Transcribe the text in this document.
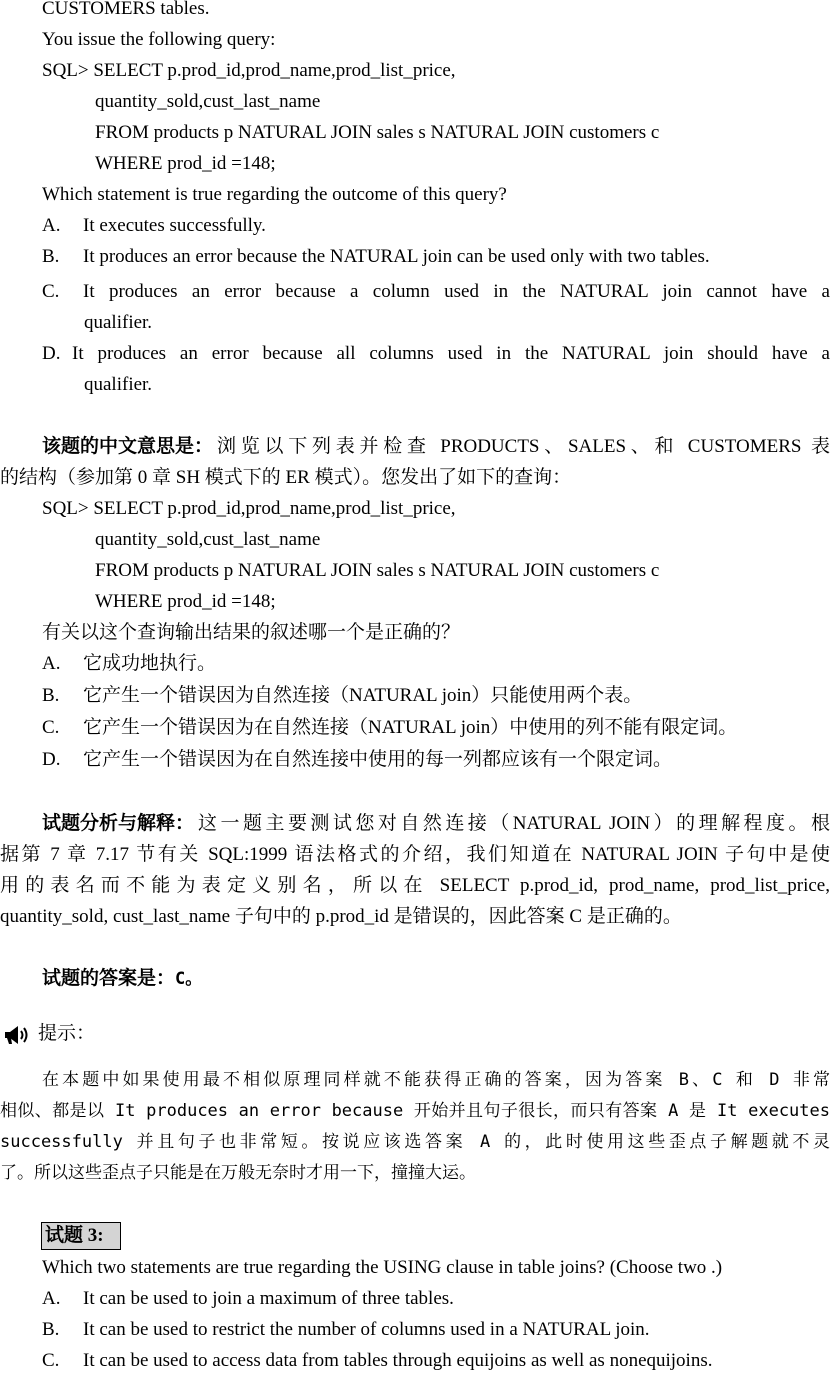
CUSTOMERS tables.
You issue the following query:
SQL> SELECT p.prod_id,prod_name,prod_list_price,
quantity_sold,cust_last_name
FROM products p NATURAL JOIN sales s NATURAL JOIN customers c
WHERE prod_id =148;
Which statement is true regarding the outcome of this query?
A. It executes successfully.
B. It produces an error because the NATURAL join can be used only with two tables.
C. It produces an error because a column used in the NATURAL join cannot have a
qualifier.
D. It produces an error because all columns used in the NATURAL join should have a
qualifier.
该题的中文意思是： 浏览以下列表并检查 PRODUCTS、SALES、和 CUSTOMERS 表
的结构（参加第 0 章 SH 模式下的 ER 模式）。您发出了如下的查询：
SQL> SELECT p.prod_id,prod_name,prod_list_price,
quantity_sold,cust_last_name
FROM products p NATURAL JOIN sales s NATURAL JOIN customers c
WHERE prod_id =148;
有关以这个查询输出结果的叙述哪一个是正确的？
A. 它成功地执行。
B. 它产生一个错误因为自然连接（NATURAL join）只能使用两个表。
C. 它产生一个错误因为在自然连接（NATURAL join）中使用的列不能有限定词。
D. 它产生一个错误因为在自然连接中使用的每一列都应该有一个限定词。
试题分析与解释： 这一题主要测试您对自然连接（NATURAL JOIN）的理解程度。根
据第 7 章 7.17 节有关 SQL:1999 语法格式的介绍，我们知道在 NATURAL JOIN 子句中是使
用的表名而不能为表定义别名，所以在 SELECT p.prod_id, prod_name, prod_list_price,
quantity_sold, cust_last_name 子句中的 p.prod_id 是错误的，因此答案 C 是正确的。
试题的答案是：C。
提示：
在本题中如果使用最不相似原理同样就不能获得正确的答案，因为答案 B、C 和 D 非常
相似、都是以 It produces an error because 开始并且句子很长，而只有答案 A 是 It executes
successfully 并且句子也非常短。按说应该选答案 A 的，此时使用这些歪点子解题就不灵
了。所以这些歪点子只能是在万般无奈时才用一下，撞撞大运。
试题 3:
Which two statements are true regarding the USING clause in table joins? (Choose two .)
A. It can be used to join a maximum of three tables.
B. It can be used to restrict the number of columns used in a NATURAL join.
C. It can be used to access data from tables through equijoins as well as nonequijoins.
